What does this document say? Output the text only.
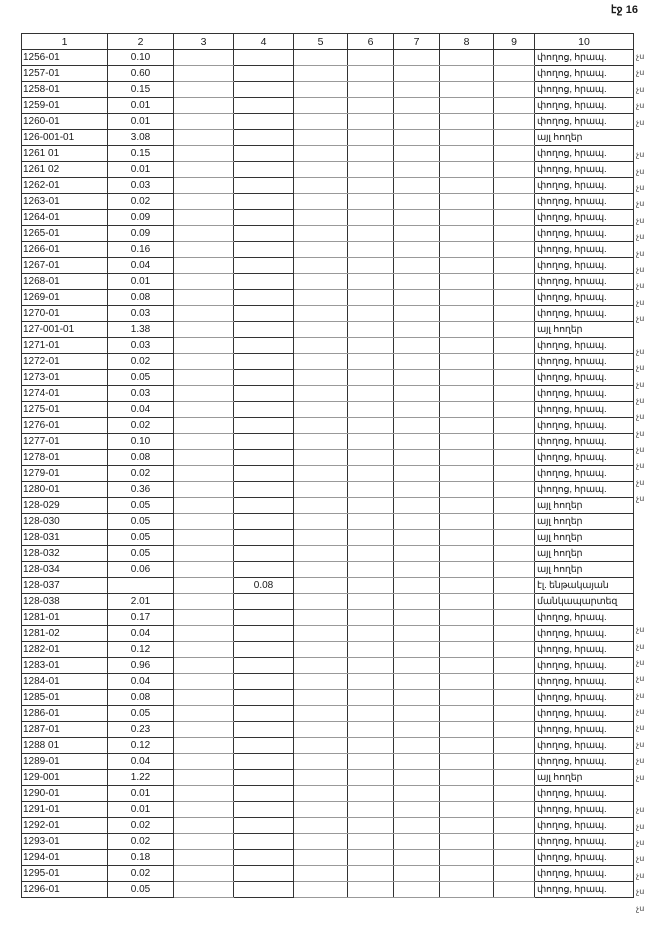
էջ 16
1	2	3	4	5	6	7	8	9	10
1256-01	0.10								փողոց, հրապ.
1257-01	0.60								փողոց, հրապ.
1258-01	0.15								փողոց, հրապ.
1259-01	0.01								փողոց, հրապ.
1260-01	0.01								փողոց, հրապ.
126-001-01	3.08								այլ հողեր
1261 01	0.15								փողոց, հրապ.
1261 02	0.01								փողոց, հրապ.
1262-01	0.03								փողոց, հրապ.
1263-01	0.02								փողոց, հրապ.
1264-01	0.09								փողոց, հրապ.
1265-01	0.09								փողոց, հրապ.
1266-01	0.16								փողոց, հրապ.
1267-01	0.04								փողոց, հրապ.
1268-01	0.01								փողոց, հրապ.
1269-01	0.08								փողոց, հրապ.
1270-01	0.03								փողոց, հրապ.
127-001-01	1.38								այլ հողեր
1271-01	0.03								փողոց, հրապ.
1272-01	0.02								փողոց, հրապ.
1273-01	0.05								փողոց, հրապ.
1274-01	0.03								փողոց, հրապ.
1275-01	0.04								փողոց, հրապ.
1276-01	0.02								փողոց, հրապ.
1277-01	0.10								փողոց, հրապ.
1278-01	0.08								փողոց, հրապ.
1279-01	0.02								փողոց, հրապ.
1280-01	0.36								փողոց, հրապ.
128-029	0.05								այլ հողեր
128-030	0.05								այլ հողեր
128-031	0.05								այլ հողեր
128-032	0.05								այլ հողեր
128-034	0.06								այլ հողեր
128-037			0.08						էլ. ենթակայան
128-038	2.01								մանկապարտեզ
1281-01	0.17								փողոց, հրապ.
1281-02	0.04								փողոց, հրապ.
1282-01	0.12								փողոց, հրապ.
1283-01	0.96								փողոց, հրապ.
1284-01	0.04								փողոց, հրապ.
1285-01	0.08								փողոց, հրապ.
1286-01	0.05								փողոց, հրապ.
1287-01	0.23								փողոց, հրապ.
1288 01	0.12								փողոց, հրապ.
1289-01	0.04								փողոց, հրապ.
129-001	1.22								այլ հողեր
1290-01	0.01								փողոց, հրապ.
1291-01	0.01								փողոց, հրապ.
1292-01	0.02								փողոց, հրապ.
1293-01	0.02								փողոց, հրապ.
1294-01	0.18								փողոց, հրապ.
1295-01	0.02								փողոց, հրապ.
1296-01	0.05								փողոց, հրապ.
չս
չս
չս
չս
չս
չս
չս
չս
չս
չս
չս
չս
չս
չս
չս
չս
չս
չս
չս
չս
չս
չս
չս
չս
չս
չս
չս
չս
չս
չս
չս
չս
չս
չս
չս
չս
չս
չս
չս
չս
չս
չս
չս
